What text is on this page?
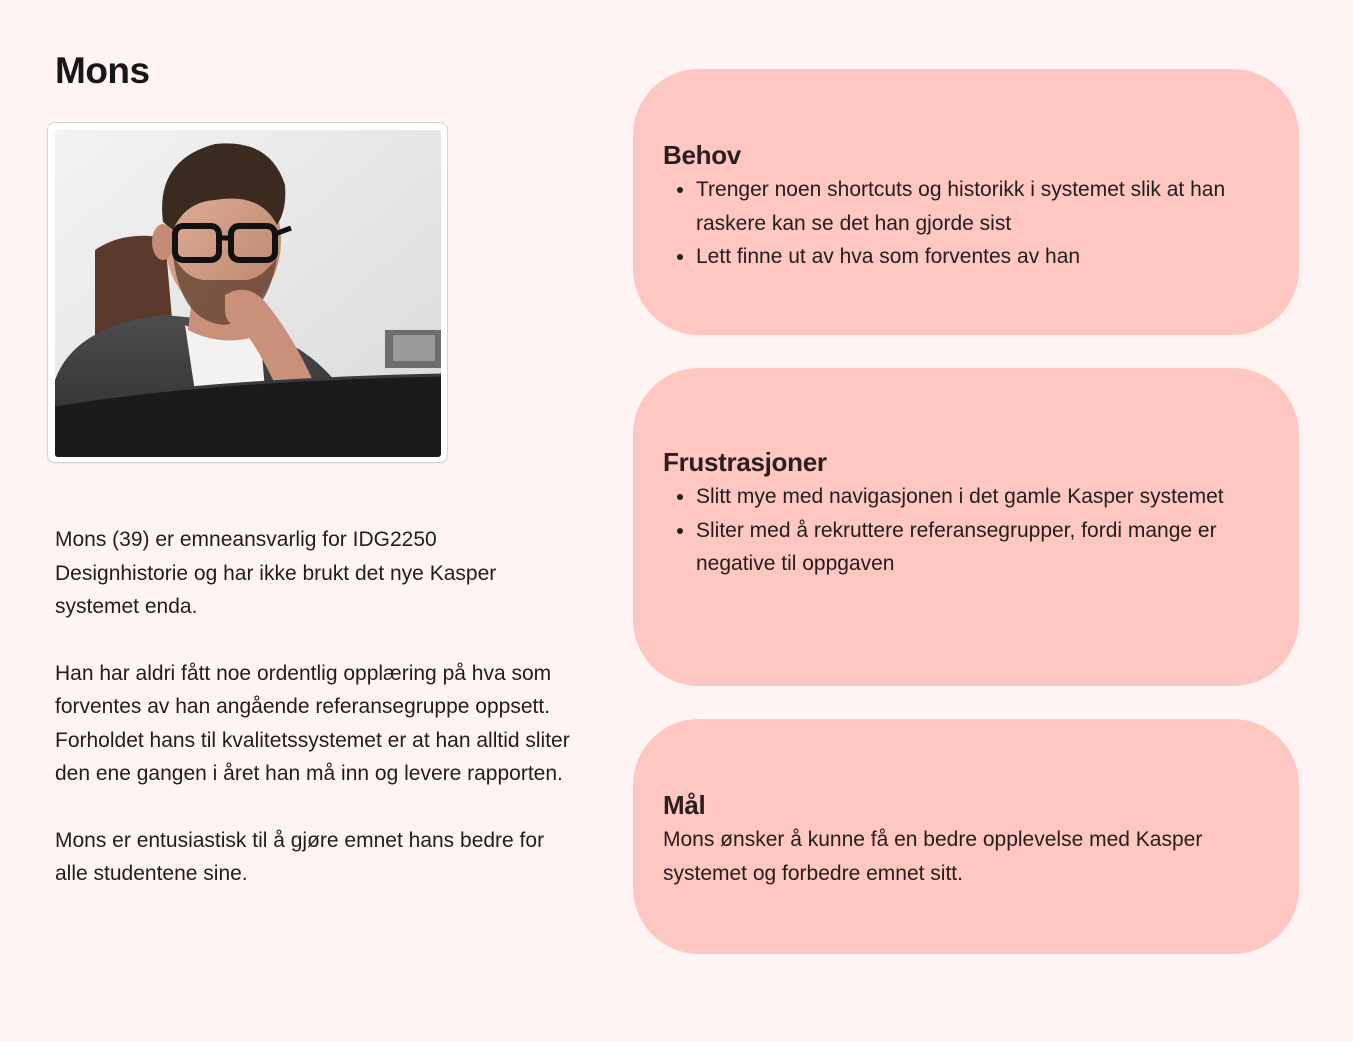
Mons

Mons (39) er emneansvarlig for IDG2250 Designhistorie og har ikke brukt det nye Kasper systemet enda.

Han har aldri fått noe ordentlig opplæring på hva som forventes av han angående referansegruppe oppsett. Forholdet hans til kvalitetssystemet er at han alltid sliter den ene gangen i året han må inn og levere rapporten.

Mons er entusiastisk til å gjøre emnet hans bedre for alle studentene sine.

Behov
• Trenger noen shortcuts og historikk i systemet slik at han raskere kan se det han gjorde sist
• Lett finne ut av hva som forventes av han
Frustrasjoner
• Slitt mye med navigasjonen i det gamle Kasper systemet
• Sliter med å rekruttere referansegrupper, fordi mange er negative til oppgaven
Mål

Mons ønsker å kunne få en bedre opplevelse med Kasper systemet og forbedre emnet sitt.
